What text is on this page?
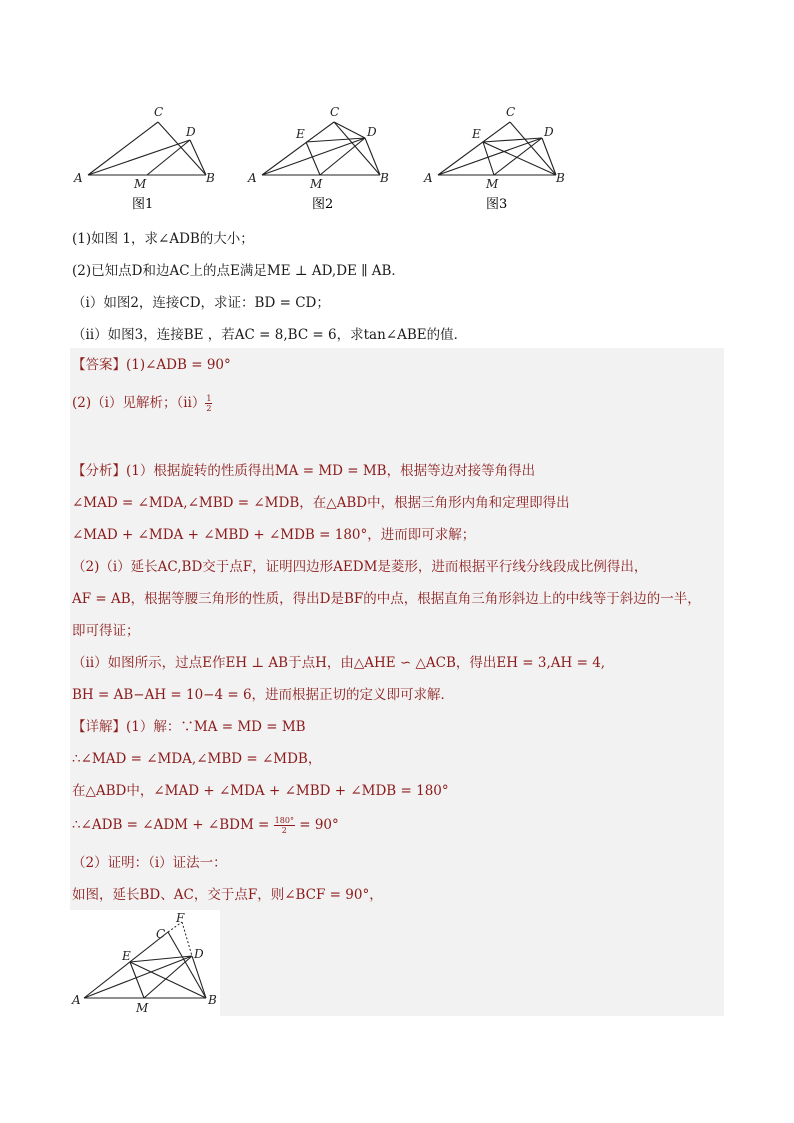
A
C
D
B
M
图1
A
C
D
B
M
E
图2
A
C
D
B
M
E
图3
(1)如图 1，求∠ADB的大小；
(2)已知点D和边AC上的点E满足ME ⊥ AD,DE ∥ AB．
（ⅰ）如图2，连接CD，求证：BD = CD；
（ⅱ）如图3，连接BE ，若AC = 8,BC = 6，求tan∠ABE的值．
【答案】(1)∠ADB = 90°
(2)（ⅰ）见解析；（ⅱ） $\frac{1}{2}$
【分析】(1）根据旋转的性质得出MA = MD = MB，根据等边对接等角得出
∠MAD = ∠MDA,∠MBD = ∠MDB，在△ABD中，根据三角形内角和定理即得出
∠MAD + ∠MDA + ∠MBD + ∠MDB = 180°，进而即可求解；
（2)（ⅰ）延长AC,BD交于点F，证明四边形AEDM是菱形，进而根据平行线分线段成比例得出，
AF = AB，根据等腰三角形的性质，得出D是BF的中点，根据直角三角形斜边上的中线等于斜边的一半，
即可得证；
（ⅱ）如图所示，过点E作EH ⊥ AB于点H，由△AHE ∽ △ACB，得出EH = 3,AH = 4,
BH = AB−AH = 10−4 = 6，进而根据正切的定义即可求解．
【详解】(1）解：∵MA = MD = MB
∴∠MAD = ∠MDA,∠MBD = ∠MDB，
在△ABD中，∠MAD + ∠MDA + ∠MBD + ∠MDB = 180°
∴∠ADB = ∠ADM + ∠BDM = $\frac{180^\circ}{2} = 90^\circ$
（2）证明：（ⅰ）证法一：
如图，延长BD、AC，交于点F，则∠BCF = 90°，
A
C
D
B
M
E
F
